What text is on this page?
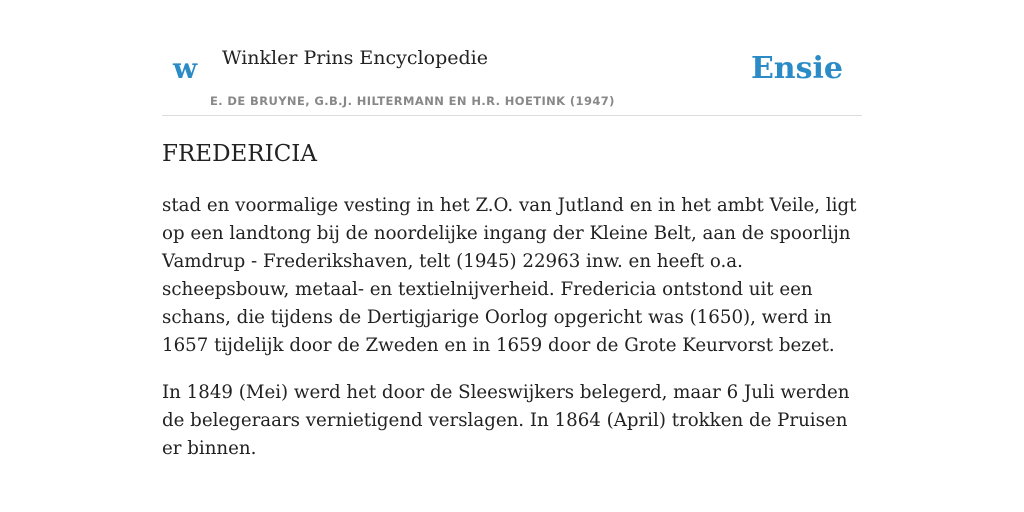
w Winkler Prins Encyclopedie
E. DE BRUYNE, G.B.J. HILTERMANN EN H.R. HOETINK (1947)
Ensie
FREDERICIA

stad en voormalige vesting in het Z.O. van Jutland en in het ambt Veile, ligt op een landtong bij de noordelijke ingang der Kleine Belt, aan de spoorlijn Vamdrup - Frederikshaven, telt (1945) 22963 inw. en heeft o.a. scheepsbouw, metaal- en textielnijverheid. Fredericia ontstond uit een schans, die tijdens de Dertigjarige Oorlog opgericht was (1650), werd in 1657 tijdelijk door de Zweden en in 1659 door de Grote Keurvorst bezet.

In 1849 (Mei) werd het door de Sleeswijkers belegerd, maar 6 Juli werden de belegeraars vernietigend verslagen. In 1864 (April) trokken de Pruisen er binnen.
